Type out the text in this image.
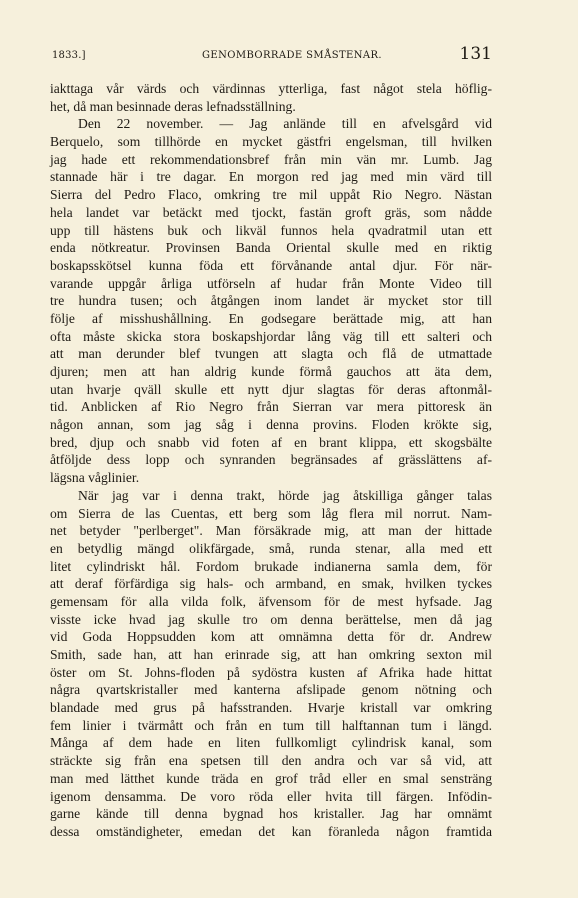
1833.]	GENOMBORRADE SMÅSTENAR.	131
iakttaga vår värds och värdinnas ytterliga, fast något stela höflig-
het, då man besinnade deras lefnadsställning.
Den 22 november. — Jag anlände till en afvelsgård vid
Berquelo, som tillhörde en mycket gästfri engelsman, till hvilken
jag hade ett rekommendationsbref från min vän mr. Lumb. Jag
stannade här i tre dagar. En morgon red jag med min värd till
Sierra del Pedro Flaco, omkring tre mil uppåt Rio Negro. Nästan
hela landet var betäckt med tjockt, fastän groft gräs, som nådde
upp till hästens buk och likväl funnos hela qvadratmil utan ett
enda nötkreatur. Provinsen Banda Oriental skulle med en riktig
boskapsskötsel kunna föda ett förvånande antal djur. För när-
varande uppgår årliga utförseln af hudar från Monte Video till
tre hundra tusen; och åtgången inom landet är mycket stor till
följe af misshushållning. En godsegare berättade mig, att han
ofta måste skicka stora boskapshjordar lång väg till ett salteri och
att man derunder blef tvungen att slagta och flå de utmattade
djuren; men att han aldrig kunde förmå gauchos att äta dem,
utan hvarje qväll skulle ett nytt djur slagtas för deras aftonmål-
tid. Anblicken af Rio Negro från Sierran var mera pittoresk än
någon annan, som jag såg i denna provins. Floden krökte sig,
bred, djup och snabb vid foten af en brant klippa, ett skogsbälte
åtföljde dess lopp och synranden begränsades af grässlättens af-
lägsna våglinier.
När jag var i denna trakt, hörde jag åtskilliga gånger talas
om Sierra de las Cuentas, ett berg som låg flera mil norrut. Nam-
net betyder "perlberget". Man försäkrade mig, att man der hittade
en betydlig mängd olikfärgade, små, runda stenar, alla med ett
litet cylindriskt hål. Fordom brukade indianerna samla dem, för
att deraf förfärdiga sig hals- och armband, en smak, hvilken tyckes
gemensam för alla vilda folk, äfvensom för de mest hyfsade. Jag
visste icke hvad jag skulle tro om denna berättelse, men då jag
vid Goda Hoppsudden kom att omnämna detta för dr. Andrew
Smith, sade han, att han erinrade sig, att han omkring sexton mil
öster om St. Johns-floden på sydöstra kusten af Afrika hade hittat
några qvartskristaller med kanterna afslipade genom nötning och
blandade med grus på hafsstranden. Hvarje kristall var omkring
fem linier i tvärmått och från en tum till halftannan tum i längd.
Många af dem hade en liten fullkomligt cylindrisk kanal, som
sträckte sig från ena spetsen till den andra och var så vid, att
man med lätthet kunde träda en grof tråd eller en smal sensträng
igenom densamma. De voro röda eller hvita till färgen. Infödin-
garne kände till denna bygnad hos kristaller. Jag har omnämt
dessa omständigheter, emedan det kan föranleda någon framtida
